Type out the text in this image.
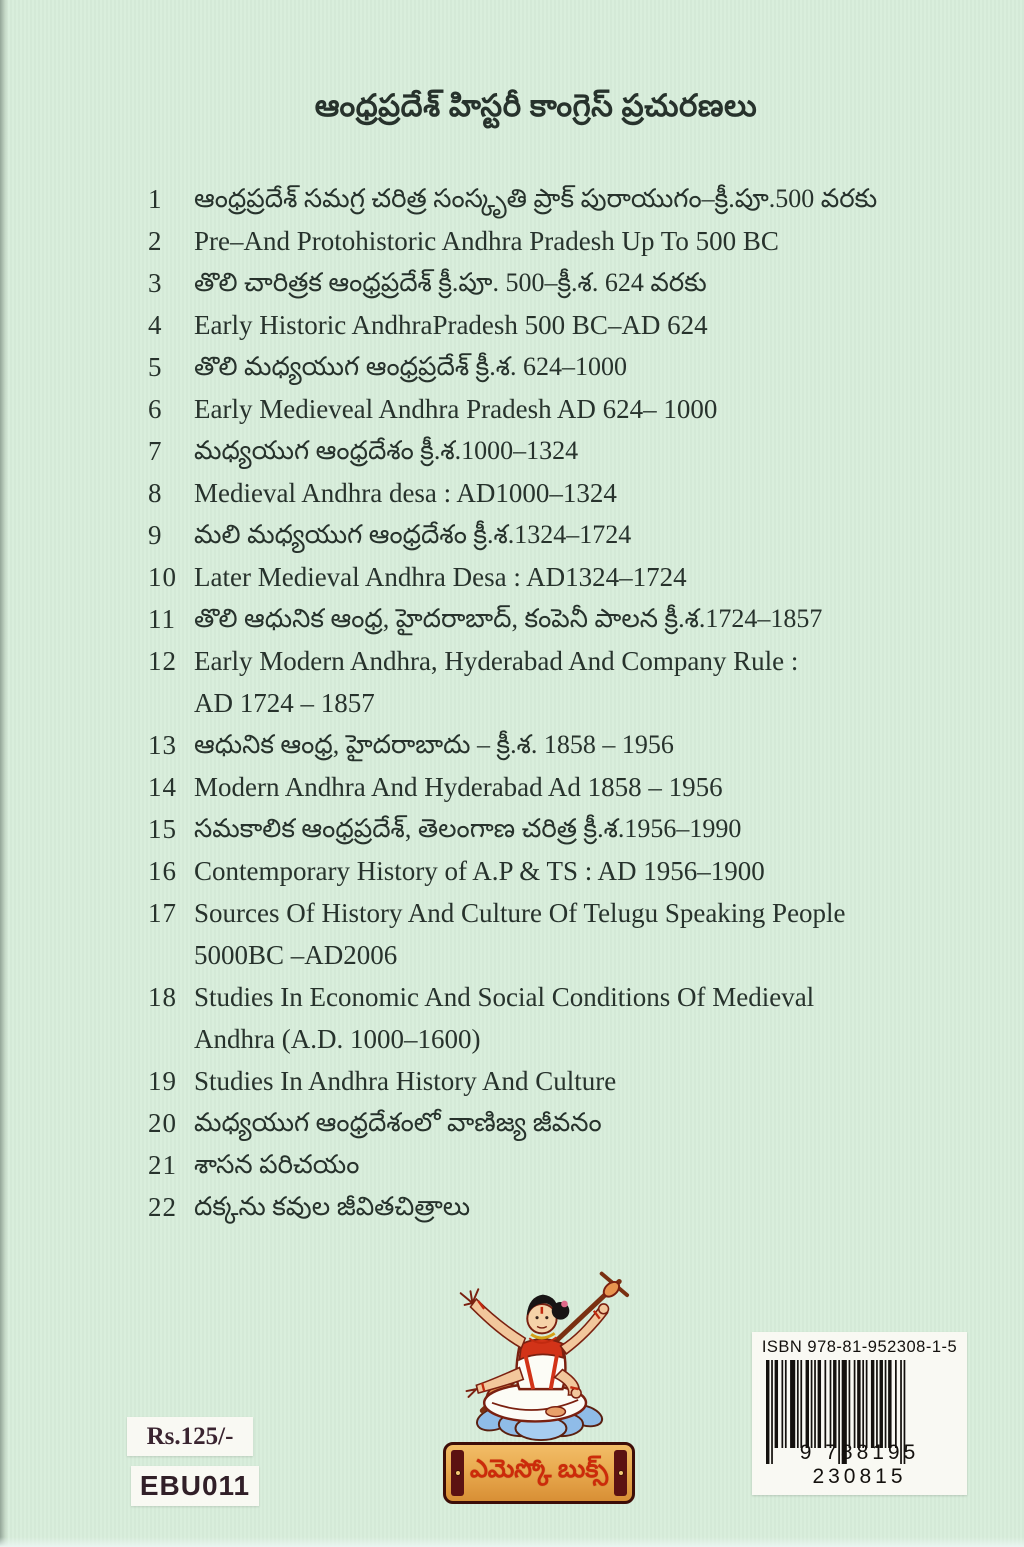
ఆంధ్రప్రదేశ్ హిస్టరీ కాంగ్రెస్ ప్రచురణలు
1	ఆంధ్రప్రదేశ్ సమగ్ర చరిత్ర సంస్కృతి ప్రాక్ పురాయుగం–క్రీ.పూ.500 వరకు
2	Pre–And Protohistoric Andhra Pradesh Up To 500 BC
3	తొలి చారిత్రక ఆంధ్రప్రదేశ్ క్రీ.పూ. 500–క్రీ.శ. 624 వరకు
4	Early Historic AndhraPradesh 500 BC–AD 624
5	తొలి మధ్యయుగ ఆంధ్రప్రదేశ్ క్రీ.శ. 624–1000
6	Early Medieveal Andhra Pradesh AD 624– 1000
7	మధ్యయుగ ఆంధ్రదేశం క్రీ.శ.1000–1324
8	Medieval Andhra desa : AD1000–1324
9	మలి మధ్యయుగ ఆంధ్రదేశం క్రీ.శ.1324–1724
10 Later Medieval Andhra Desa : AD1324–1724
11 తొలి ఆధునిక ఆంధ్ర, హైదరాబాద్, కంపెనీ పాలన క్రీ.శ.1724–1857
12 Early Modern Andhra, Hyderabad And Company Rule :
AD 1724 – 1857
13 ఆధునిక ఆంధ్ర, హైదరాబాదు – క్రీ.శ. 1858 – 1956
14 Modern Andhra And Hyderabad Ad 1858 – 1956
15 సమకాలిక ఆంధ్రప్రదేశ్, తెలంగాణ చరిత్ర క్రీ.శ.1956–1990
16 Contemporary History of A.P & TS : AD 1956–1900
17 Sources Of History And Culture Of Telugu Speaking People
5000BC –AD2006
18 Studies In Economic And Social Conditions Of Medieval
Andhra (A.D. 1000–1600)
19 Studies In Andhra History And Culture
20 మధ్యయుగ ఆంధ్రదేశంలో వాణిజ్య జీవనం
21 శాసన పరిచయం
22 దక్కను కవుల జీవితచిత్రాలు
Rs.125/-
EBU011
ఎమెస్కో బుక్స్
ISBN 978-81-952308-1-5
9 788195 230815
